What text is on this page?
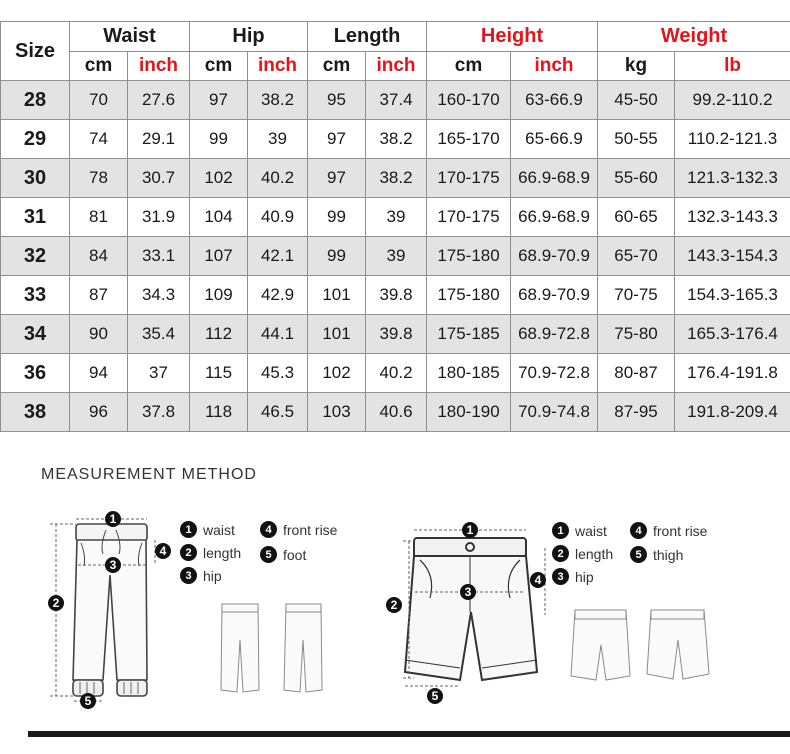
Size	Waist		Hip		Length		Height		Weight	
	cm	inch	cm	inch	cm	inch	cm	inch	kg	lb
28	70	27.6	97	38.2	95	37.4	160-170	63-66.9	45-50	99.2-110.2
29	74	29.1	99	39	97	38.2	165-170	65-66.9	50-55	110.2-121.3
30	78	30.7	102	40.2	97	38.2	170-175	66.9-68.9	55-60	121.3-132.3
31	81	31.9	104	40.9	99	39	170-175	66.9-68.9	60-65	132.3-143.3
32	84	33.1	107	42.1	99	39	175-180	68.9-70.9	65-70	143.3-154.3
33	87	34.3	109	42.9	101	39.8	175-180	68.9-70.9	70-75	154.3-165.3
34	90	35.4	112	44.1	101	39.8	175-185	68.9-72.8	75-80	165.3-176.4
36	94	37	115	45.3	102	40.2	180-185	70.9-72.8	80-87	176.4-191.8
38	96	37.8	118	46.5	103	40.6	180-190	70.9-74.8	87-95	191.8-209.4
MEASUREMENT METHOD
1
2
3
4
5
1
2
3
4
5
1 waist
2 length
3 hip
4 front rise
5 foot
1 waist
2 length
3 hip
4 front rise
5 thigh
